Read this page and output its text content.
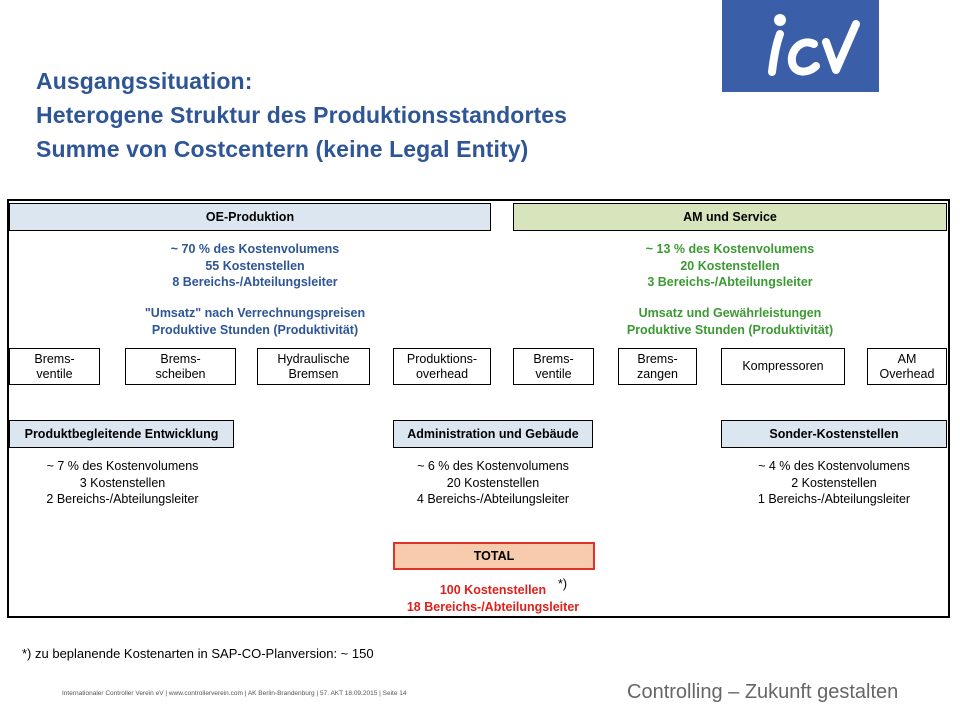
Ausgangssituation:
Heterogene Struktur des Produktionsstandortes
Summe von Costcentern (keine Legal Entity)
OE-Produktion	AM und Service
~ 70 % des Kostenvolumens
55 Kostenstellen
8 Bereichs-/Abteilungsleiter
"Umsatz" nach Verrechnungspreisen
Produktive Stunden (Produktivität)
~ 13 % des Kostenvolumens
20 Kostenstellen
3 Bereichs-/Abteilungsleiter
Umsatz und Gewährleistungen
Produktive Stunden (Produktivität)
Brems-
ventile
Brems-
scheiben
Hydraulische
Bremsen
Produktions-
overhead
Brems-
ventile
Brems-
zangen
Kompressoren
AM
Overhead
Produktbegleitende Entwicklung	Administration und Gebäude	Sonder-Kostenstellen
~ 7 % des Kostenvolumens
3 Kostenstellen
2 Bereichs-/Abteilungsleiter
~ 6 % des Kostenvolumens
20 Kostenstellen
4 Bereichs-/Abteilungsleiter
~ 4 % des Kostenvolumens
2 Kostenstellen
1 Bereichs-/Abteilungsleiter
TOTAL
100 Kostenstellen *)
18 Bereichs-/Abteilungsleiter
*) zu beplanende Kostenarten in SAP-CO-Planversion: ~ 150
Internationaler Controller Verein eV | www.controllerverein.com | AK Berlin-Brandenburg | 57. AKT 18.09.2015 | Seite 14	Controlling – Zukunft gestalten
